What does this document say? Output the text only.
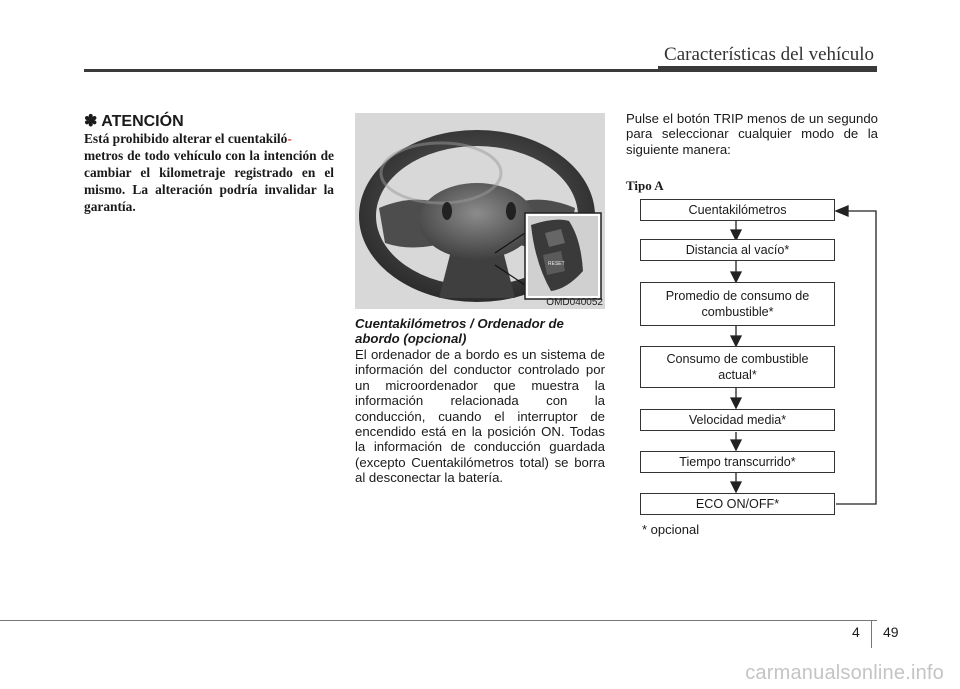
Características del vehículo
✽ ATENCIÓN
Está prohibido alterar el cuentakiló-
metros de todo vehículo con la intención de cambiar el kilometraje registrado en el mismo. La alteración podría invalidar la garantía.
RESET
OMD040052
Cuentakilómetros / Ordenador de abordo (opcional)
El ordenador de a bordo es un sistema de información del conductor controlado por un microordenador que muestra la información relacionada con la conducción, cuando el interruptor de encendido está en la posición ON. Todas la información de conducción guardada (excepto Cuentakilómetros total) se borra al desconectar la batería.
Pulse el botón TRIP menos de un segundo para seleccionar cualquier modo de la siguiente manera:
Tipo A
Cuentakilómetros
Distancia al vacío*
Promedio de consumo de combustible*
Consumo de combustible actual*
Velocidad media*
Tiempo transcurrido*
ECO ON/OFF*
* opcional
4 49
carmanualsonline.info
